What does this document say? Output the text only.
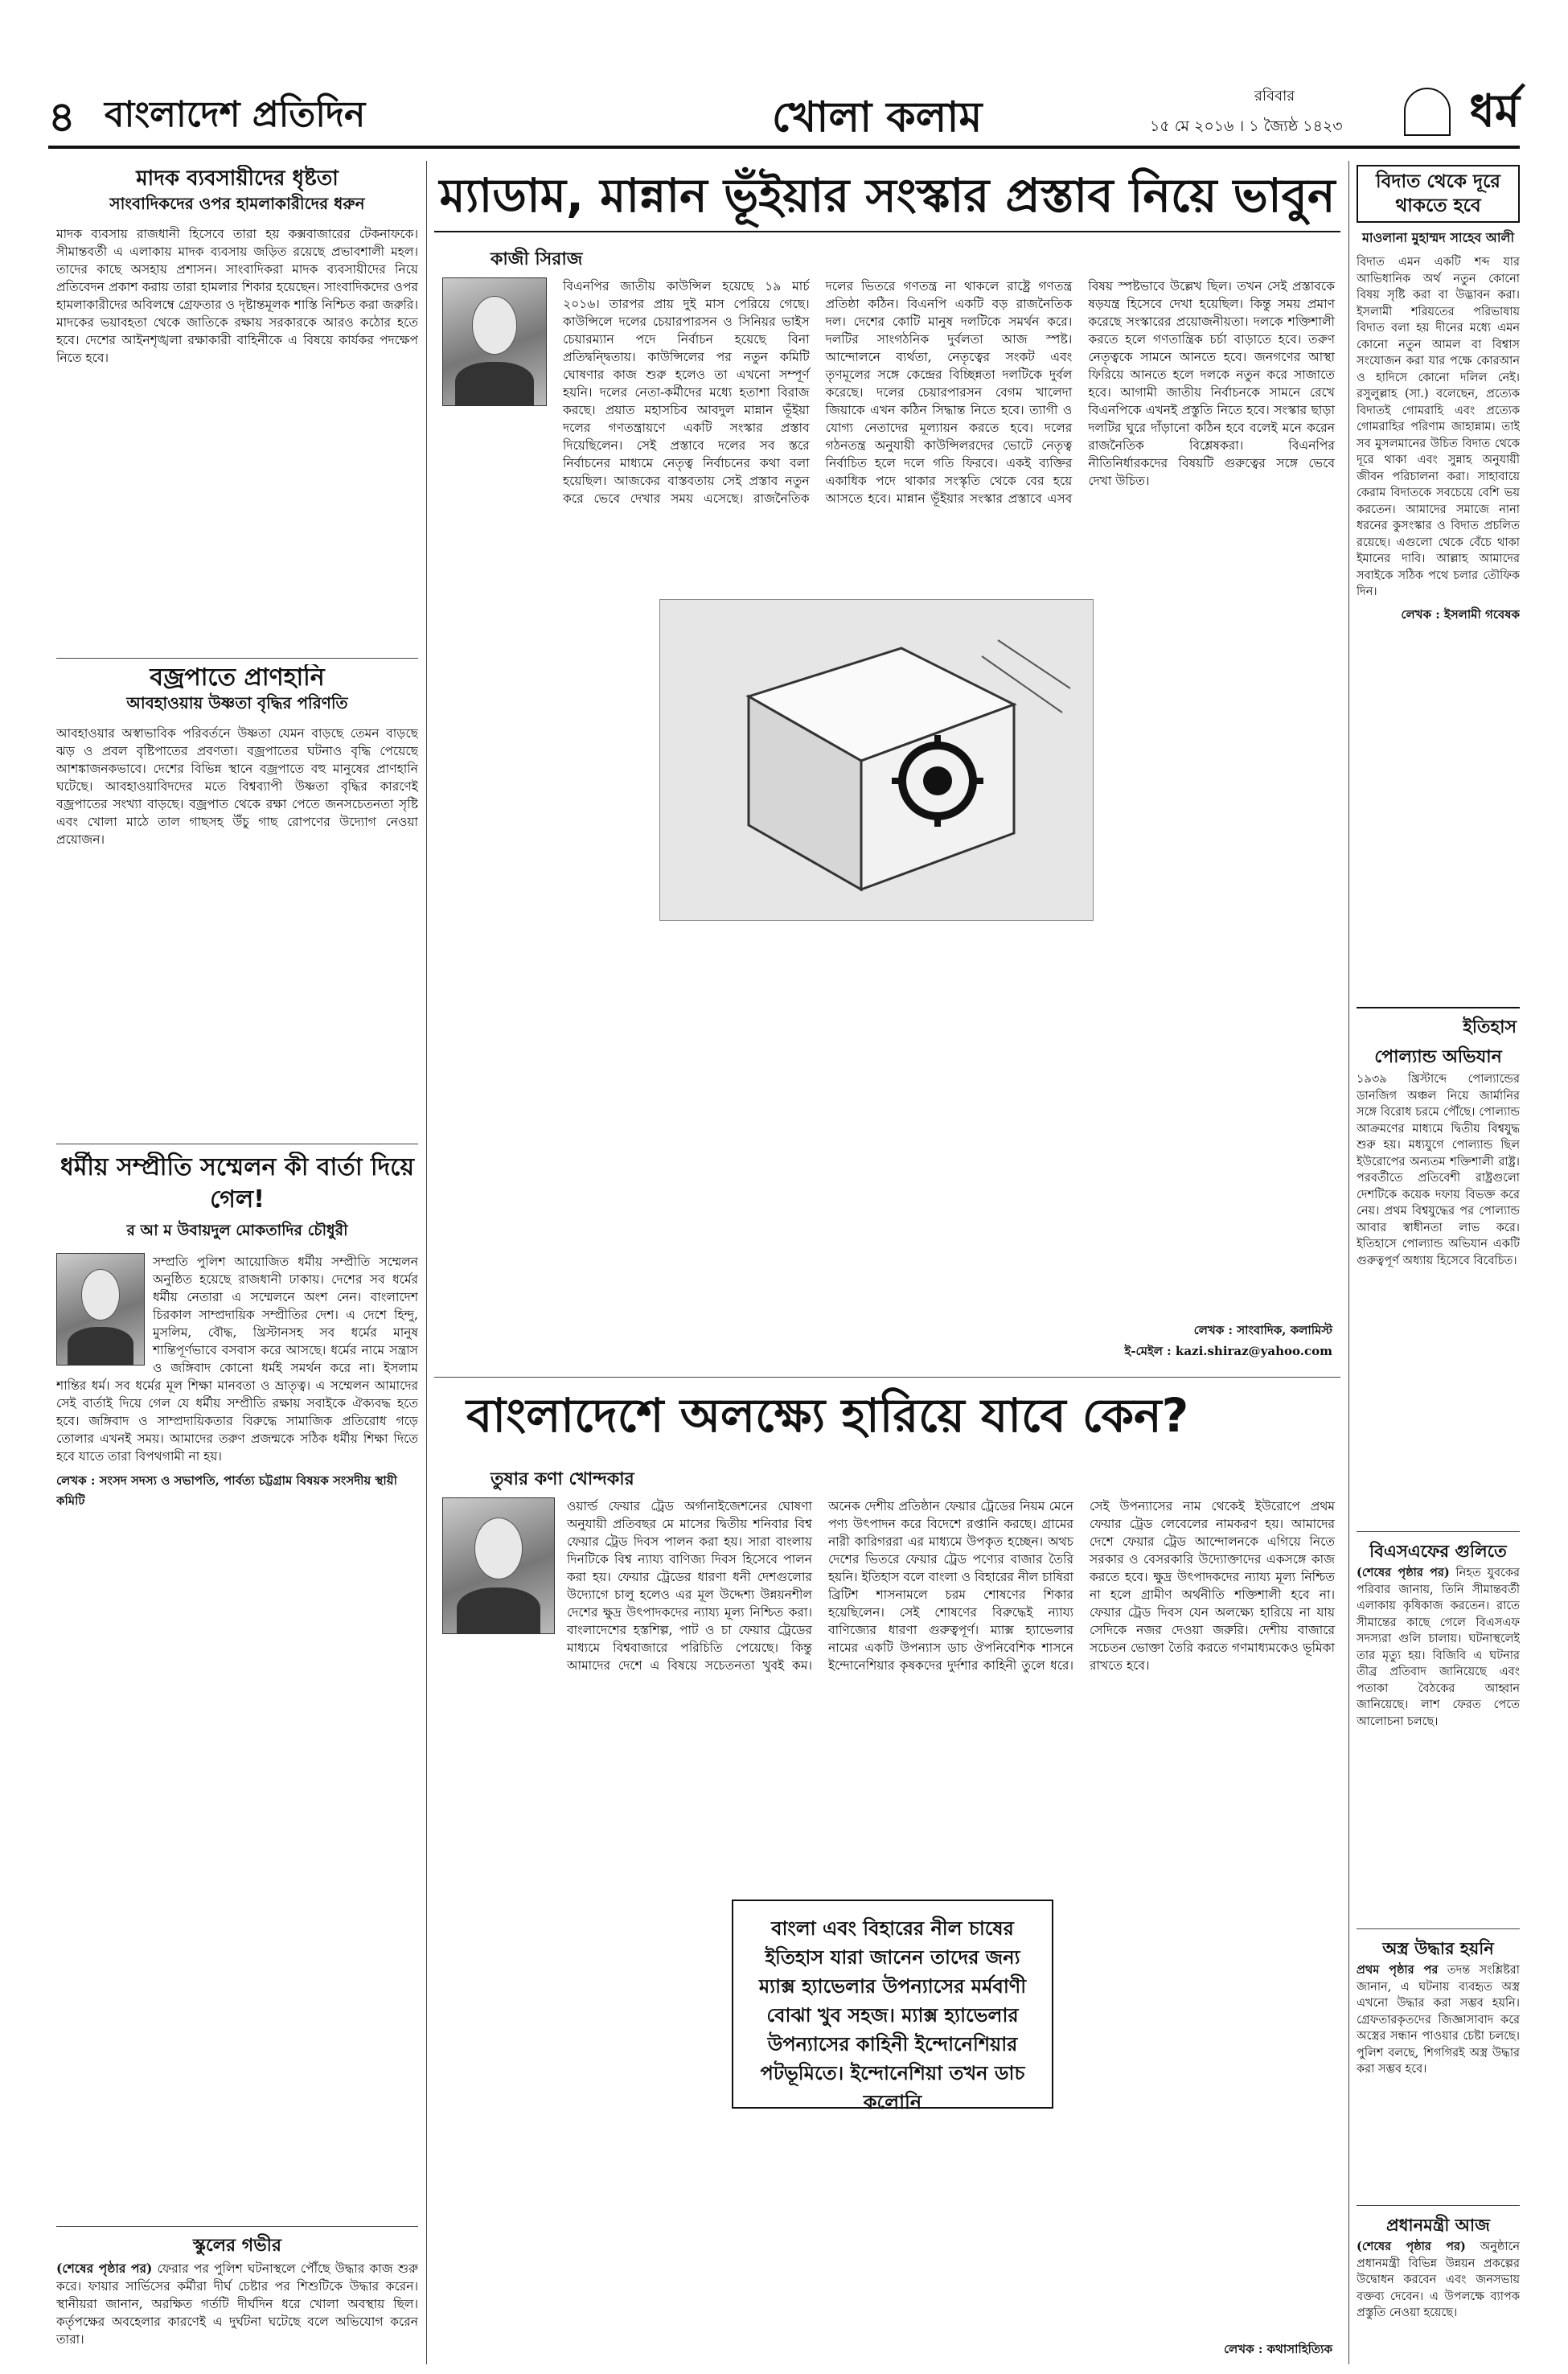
৪ বাংলাদেশ প্রতিদিন	খোলা কলাম	রবিবার
১৫ মে ২০১৬ । ১ জ্যৈষ্ঠ ১৪২৩	ধর্ম
মাদক ব্যবসায়ীদের ধৃষ্টতা
সাংবাদিকদের ওপর হামলাকারীদের ধরুন
মাদক ব্যবসায় রাজধানী হিসেবে তারা হয় কক্সবাজারের টেকনাফকে। সীমান্তবর্তী এ এলাকায় মাদক ব্যবসায় জড়িত রয়েছে প্রভাবশালী মহল। তাদের কাছে অসহায় প্রশাসন। সাংবাদিকরা মাদক ব্যবসায়ীদের নিয়ে প্রতিবেদন প্রকাশ করায় তারা হামলার শিকার হয়েছেন। সাংবাদিকদের ওপর হামলাকারীদের অবিলম্বে গ্রেফতার ও দৃষ্টান্তমূলক শাস্তি নিশ্চিত করা জরুরি। মাদকের ভয়াবহতা থেকে জাতিকে রক্ষায় সরকারকে আরও কঠোর হতে হবে। দেশের আইনশৃঙ্খলা রক্ষাকারী বাহিনীকে এ বিষয়ে কার্যকর পদক্ষেপ নিতে হবে।
বজ্রপাতে প্রাণহানি
আবহাওয়ায় উষ্ণতা বৃদ্ধির পরিণতি
আবহাওয়ার অস্বাভাবিক পরিবর্তনে উষ্ণতা যেমন বাড়ছে তেমন বাড়ছে ঝড় ও প্রবল বৃষ্টিপাতের প্রবণতা। বজ্রপাতের ঘটনাও বৃদ্ধি পেয়েছে আশঙ্কাজনকভাবে। দেশের বিভিন্ন স্থানে বজ্রপাতে বহু মানুষের প্রাণহানি ঘটেছে। আবহাওয়াবিদদের মতে বিশ্বব্যাপী উষ্ণতা বৃদ্ধির কারণেই বজ্রপাতের সংখ্যা বাড়ছে। বজ্রপাত থেকে রক্ষা পেতে জনসচেতনতা সৃষ্টি এবং খোলা মাঠে তাল গাছসহ উঁচু গাছ রোপণের উদ্যোগ নেওয়া প্রয়োজন।
ধর্মীয় সম্প্রীতি সম্মেলন কী বার্তা দিয়ে গেল!
র আ ম উবায়দুল মোকতাদির চৌধুরী
সম্প্রতি পুলিশ আয়োজিত ধর্মীয় সম্প্রীতি সম্মেলন অনুষ্ঠিত হয়েছে রাজধানী ঢাকায়। দেশের সব ধর্মের ধর্মীয় নেতারা এ সম্মেলনে অংশ নেন। বাংলাদেশ চিরকাল সাম্প্রদায়িক সম্প্রীতির দেশ। এ দেশে হিন্দু, মুসলিম, বৌদ্ধ, খ্রিস্টানসহ সব ধর্মের মানুষ শান্তিপূর্ণভাবে বসবাস করে আসছে। ধর্মের নামে সন্ত্রাস ও জঙ্গিবাদ কোনো ধর্মই সমর্থন করে না। ইসলাম শান্তির ধর্ম। সব ধর্মের মূল শিক্ষা মানবতা ও ভ্রাতৃত্ব। এ সম্মেলন আমাদের সেই বার্তাই দিয়ে গেল যে ধর্মীয় সম্প্রীতি রক্ষায় সবাইকে ঐক্যবদ্ধ হতে হবে। জঙ্গিবাদ ও সাম্প্রদায়িকতার বিরুদ্ধে সামাজিক প্রতিরোধ গড়ে তোলার এখনই সময়। আমাদের তরুণ প্রজন্মকে সঠিক ধর্মীয় শিক্ষা দিতে হবে যাতে তারা বিপথগামী না হয়।
লেখক : সংসদ সদস্য ও সভাপতি, পার্বত্য চট্টগ্রাম বিষয়ক সংসদীয় স্থায়ী কমিটি
স্কুলের গভীর
(শেষের পৃষ্ঠার পর) ফেরার পর পুলিশ ঘটনাস্থলে পৌঁছে উদ্ধার কাজ শুরু করে। ফায়ার সার্ভিসের কর্মীরা দীর্ঘ চেষ্টার পর শিশুটিকে উদ্ধার করেন। স্থানীয়রা জানান, অরক্ষিত গর্তটি দীর্ঘদিন ধরে খোলা অবস্থায় ছিল। কর্তৃপক্ষের অবহেলার কারণেই এ দুর্ঘটনা ঘটেছে বলে অভিযোগ করেন তারা।
ম্যাডাম, মান্নান ভূঁইয়ার সংস্কার প্রস্তাব নিয়ে ভাবুন
কাজী সিরাজ
বিএনপির জাতীয় কাউন্সিল হয়েছে ১৯ মার্চ ২০১৬। তারপর প্রায় দুই মাস পেরিয়ে গেছে। কাউন্সিলে দলের চেয়ারপারসন ও সিনিয়র ভাইস চেয়ারম্যান পদে নির্বাচন হয়েছে বিনা প্রতিদ্বন্দ্বিতায়। কাউন্সিলের পর নতুন কমিটি ঘোষণার কাজ শুরু হলেও তা এখনো সম্পূর্ণ হয়নি। দলের নেতা-কর্মীদের মধ্যে হতাশা বিরাজ করছে। প্রয়াত মহাসচিব আবদুল মান্নান ভূঁইয়া দলের গণতন্ত্রায়ণে একটি সংস্কার প্রস্তাব দিয়েছিলেন। সেই প্রস্তাবে দলের সব স্তরে নির্বাচনের মাধ্যমে নেতৃত্ব নির্বাচনের কথা বলা হয়েছিল। আজকের বাস্তবতায় সেই প্রস্তাব নতুন করে ভেবে দেখার সময় এসেছে। রাজনৈতিক দলের ভিতরে গণতন্ত্র না থাকলে রাষ্ট্রে গণতন্ত্র প্রতিষ্ঠা কঠিন। বিএনপি একটি বড় রাজনৈতিক দল। দেশের কোটি মানুষ দলটিকে সমর্থন করে। দলটির সাংগঠনিক দুর্বলতা আজ স্পষ্ট। আন্দোলনে ব্যর্থতা, নেতৃত্বের সংকট এবং তৃণমূলের সঙ্গে কেন্দ্রের বিচ্ছিন্নতা দলটিকে দুর্বল করেছে। দলের চেয়ারপারসন বেগম খালেদা জিয়াকে এখন কঠিন সিদ্ধান্ত নিতে হবে। ত্যাগী ও যোগ্য নেতাদের মূল্যায়ন করতে হবে। দলের গঠনতন্ত্র অনুযায়ী কাউন্সিলরদের ভোটে নেতৃত্ব নির্বাচিত হলে দলে গতি ফিরবে। একই ব্যক্তির একাধিক পদে থাকার সংস্কৃতি থেকে বের হয়ে আসতে হবে। মান্নান ভূঁইয়ার সংস্কার প্রস্তাবে এসব বিষয় স্পষ্টভাবে উল্লেখ ছিল। তখন সেই প্রস্তাবকে ষড়যন্ত্র হিসেবে দেখা হয়েছিল। কিন্তু সময় প্রমাণ করেছে সংস্কারের প্রয়োজনীয়তা। দলকে শক্তিশালী করতে হলে গণতান্ত্রিক চর্চা বাড়াতে হবে। তরুণ নেতৃত্বকে সামনে আনতে হবে। জনগণের আস্থা ফিরিয়ে আনতে হলে দলকে নতুন করে সাজাতে হবে। আগামী জাতীয় নির্বাচনকে সামনে রেখে বিএনপিকে এখনই প্রস্তুতি নিতে হবে। সংস্কার ছাড়া দলটির ঘুরে দাঁড়ানো কঠিন হবে বলেই মনে করেন রাজনৈতিক বিশ্লেষকরা। বিএনপির নীতিনির্ধারকদের বিষয়টি গুরুত্বের সঙ্গে ভেবে দেখা উচিত।
লেখক : সাংবাদিক, কলামিস্ট
ই-মেইল : kazi.shiraz@yahoo.com
বাংলাদেশে অলক্ষ্যে হারিয়ে যাবে কেন?
তুষার কণা খোন্দকার
বাংলা এবং বিহারের নীল চাষের ইতিহাস যারা জানেন তাদের জন্য ম্যাক্স হ্যাভেলার উপন্যাসের মর্মবাণী বোঝা খুব সহজ। ম্যাক্স হ্যাভেলার উপন্যাসের কাহিনী ইন্দোনেশিয়ার পটভূমিতে। ইন্দোনেশিয়া তখন ডাচ কলোনি
ওয়ার্ল্ড ফেয়ার ট্রেড অর্গানাইজেশনের ঘোষণা অনুযায়ী প্রতিবছর মে মাসের দ্বিতীয় শনিবার বিশ্ব ফেয়ার ট্রেড দিবস পালন করা হয়। সারা বাংলায় দিনটিকে বিশ্ব ন্যায্য বাণিজ্য দিবস হিসেবে পালন করা হয়। ফেয়ার ট্রেডের ধারণা ধনী দেশগুলোর উদ্যোগে চালু হলেও এর মূল উদ্দেশ্য উন্নয়নশীল দেশের ক্ষুদ্র উৎপাদকদের ন্যায্য মূল্য নিশ্চিত করা। বাংলাদেশের হস্তশিল্প, পাট ও চা ফেয়ার ট্রেডের মাধ্যমে বিশ্ববাজারে পরিচিতি পেয়েছে। কিন্তু আমাদের দেশে এ বিষয়ে সচেতনতা খুবই কম। অনেক দেশীয় প্রতিষ্ঠান ফেয়ার ট্রেডের নিয়ম মেনে পণ্য উৎপাদন করে বিদেশে রপ্তানি করছে। গ্রামের নারী কারিগররা এর মাধ্যমে উপকৃত হচ্ছেন। অথচ দেশের ভিতরে ফেয়ার ট্রেড পণ্যের বাজার তৈরি হয়নি। ইতিহাস বলে বাংলা ও বিহারের নীল চাষিরা ব্রিটিশ শাসনামলে চরম শোষণের শিকার হয়েছিলেন। সেই শোষণের বিরুদ্ধেই ন্যায্য বাণিজ্যের ধারণা গুরুত্বপূর্ণ। ম্যাক্স হ্যাভেলার নামের একটি উপন্যাস ডাচ ঔপনিবেশিক শাসনে ইন্দোনেশিয়ার কৃষকদের দুর্দশার কাহিনী তুলে ধরে। সেই উপন্যাসের নাম থেকেই ইউরোপে প্রথম ফেয়ার ট্রেড লেবেলের নামকরণ হয়। আমাদের দেশে ফেয়ার ট্রেড আন্দোলনকে এগিয়ে নিতে সরকার ও বেসরকারি উদ্যোক্তাদের একসঙ্গে কাজ করতে হবে। ক্ষুদ্র উৎপাদকদের ন্যায্য মূল্য নিশ্চিত না হলে গ্রামীণ অর্থনীতি শক্তিশালী হবে না। ফেয়ার ট্রেড দিবস যেন অলক্ষ্যে হারিয়ে না যায় সেদিকে নজর দেওয়া জরুরি। দেশীয় বাজারে সচেতন ভোক্তা তৈরি করতে গণমাধ্যমকেও ভূমিকা রাখতে হবে।
লেখক : কথাসাহিত্যিক
বিদাত থেকে দূরে থাকতে হবে
মাওলানা মুহাম্মদ সাহেব আলী
বিদাত এমন একটি শব্দ যার আভিধানিক অর্থ নতুন কোনো বিষয় সৃষ্টি করা বা উদ্ভাবন করা। ইসলামী শরিয়তের পরিভাষায় বিদাত বলা হয় দীনের মধ্যে এমন কোনো নতুন আমল বা বিশ্বাস সংযোজন করা যার পক্ষে কোরআন ও হাদিসে কোনো দলিল নেই। রসুলুল্লাহ (সা.) বলেছেন, প্রত্যেক বিদাতই গোমরাহি এবং প্রত্যেক গোমরাহির পরিণাম জাহান্নাম। তাই সব মুসলমানের উচিত বিদাত থেকে দূরে থাকা এবং সুন্নাহ অনুযায়ী জীবন পরিচালনা করা। সাহাবায়ে কেরাম বিদাতকে সবচেয়ে বেশি ভয় করতেন। আমাদের সমাজে নানা ধরনের কুসংস্কার ও বিদাত প্রচলিত রয়েছে। এগুলো থেকে বেঁচে থাকা ইমানের দাবি। আল্লাহ আমাদের সবাইকে সঠিক পথে চলার তৌফিক দিন।
লেখক : ইসলামী গবেষক
ইতিহাস
পোল্যান্ড অভিযান
১৯৩৯ খ্রিস্টাব্দে পোল্যান্ডের ডানজিগ অঞ্চল নিয়ে জার্মানির সঙ্গে বিরোধ চরমে পৌঁছে। পোল্যান্ড আক্রমণের মাধ্যমে দ্বিতীয় বিশ্বযুদ্ধ শুরু হয়। মধ্যযুগে পোল্যান্ড ছিল ইউরোপের অন্যতম শক্তিশালী রাষ্ট্র। পরবর্তীতে প্রতিবেশী রাষ্ট্রগুলো দেশটিকে কয়েক দফায় বিভক্ত করে নেয়। প্রথম বিশ্বযুদ্ধের পর পোল্যান্ড আবার স্বাধীনতা লাভ করে। ইতিহাসে পোল্যান্ড অভিযান একটি গুরুত্বপূর্ণ অধ্যায় হিসেবে বিবেচিত।
বিএসএফের গুলিতে
(শেষের পৃষ্ঠার পর) নিহত যুবকের পরিবার জানায়, তিনি সীমান্তবর্তী এলাকায় কৃষিকাজ করতেন। রাতে সীমান্তের কাছে গেলে বিএসএফ সদস্যরা গুলি চালায়। ঘটনাস্থলেই তার মৃত্যু হয়। বিজিবি এ ঘটনার তীব্র প্রতিবাদ জানিয়েছে এবং পতাকা বৈঠকের আহ্বান জানিয়েছে। লাশ ফেরত পেতে আলোচনা চলছে।
অস্ত্র উদ্ধার হয়নি
প্রথম পৃষ্ঠার পর তদন্ত সংশ্লিষ্টরা জানান, এ ঘটনায় ব্যবহৃত অস্ত্র এখনো উদ্ধার করা সম্ভব হয়নি। গ্রেফতারকৃতদের জিজ্ঞাসাবাদ করে অস্ত্রের সন্ধান পাওয়ার চেষ্টা চলছে। পুলিশ বলছে, শিগগিরই অস্ত্র উদ্ধার করা সম্ভব হবে।
প্রধানমন্ত্রী আজ
(শেষের পৃষ্ঠার পর) অনুষ্ঠানে প্রধানমন্ত্রী বিভিন্ন উন্নয়ন প্রকল্পের উদ্বোধন করবেন এবং জনসভায় বক্তব্য দেবেন। এ উপলক্ষে ব্যাপক প্রস্তুতি নেওয়া হয়েছে।
